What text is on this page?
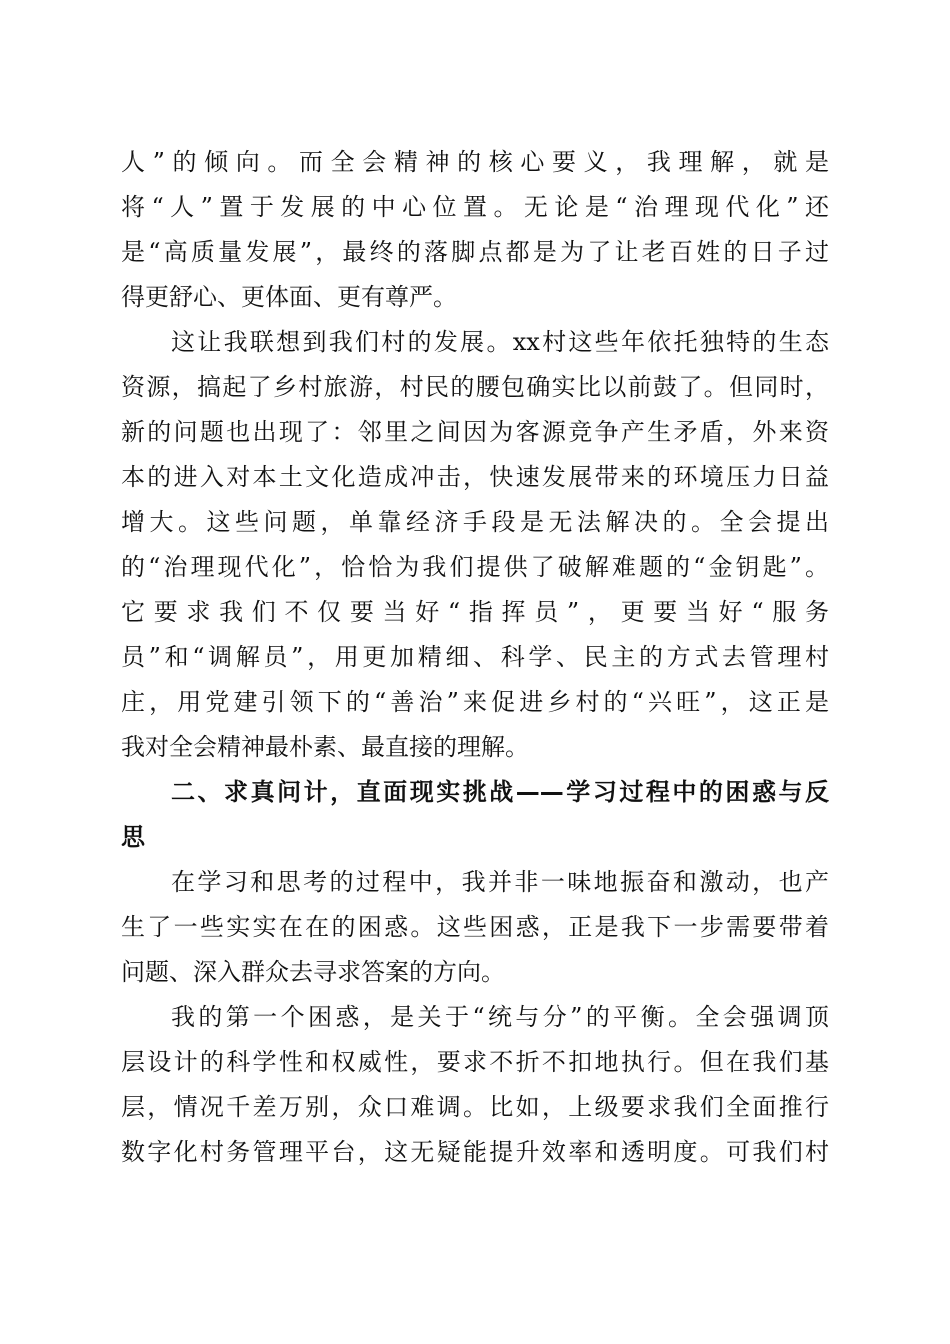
人”的倾向。而全会精神的核心要义，我理解，就是
将“人”置于发展的中心位置。无论是“治理现代化”还
是“高质量发展”，最终的落脚点都是为了让老百姓的日子过
得更舒心、更体面、更有尊严。
这让我联想到我们村的发展。xx村这些年依托独特的生态
资源，搞起了乡村旅游，村民的腰包确实比以前鼓了。但同时，
新的问题也出现了：邻里之间因为客源竞争产生矛盾，外来资
本的进入对本土文化造成冲击，快速发展带来的环境压力日益
增大。这些问题，单靠经济手段是无法解决的。全会提出
的“治理现代化”，恰恰为我们提供了破解难题的“金钥匙”。
它要求我们不仅要当好“指挥员”，更要当好“服务
员”和“调解员”，用更加精细、科学、民主的方式去管理村
庄，用党建引领下的“善治”来促进乡村的“兴旺”，这正是
我对全会精神最朴素、最直接的理解。
二、求真问计，直面现实挑战——学习过程中的困惑与反
思
在学习和思考的过程中，我并非一味地振奋和激动，也产
生了一些实实在在的困惑。这些困惑，正是我下一步需要带着
问题、深入群众去寻求答案的方向。
我的第一个困惑，是关于“统与分”的平衡。全会强调顶
层设计的科学性和权威性，要求不折不扣地执行。但在我们基
层，情况千差万别，众口难调。比如，上级要求我们全面推行
数字化村务管理平台，这无疑能提升效率和透明度。可我们村
